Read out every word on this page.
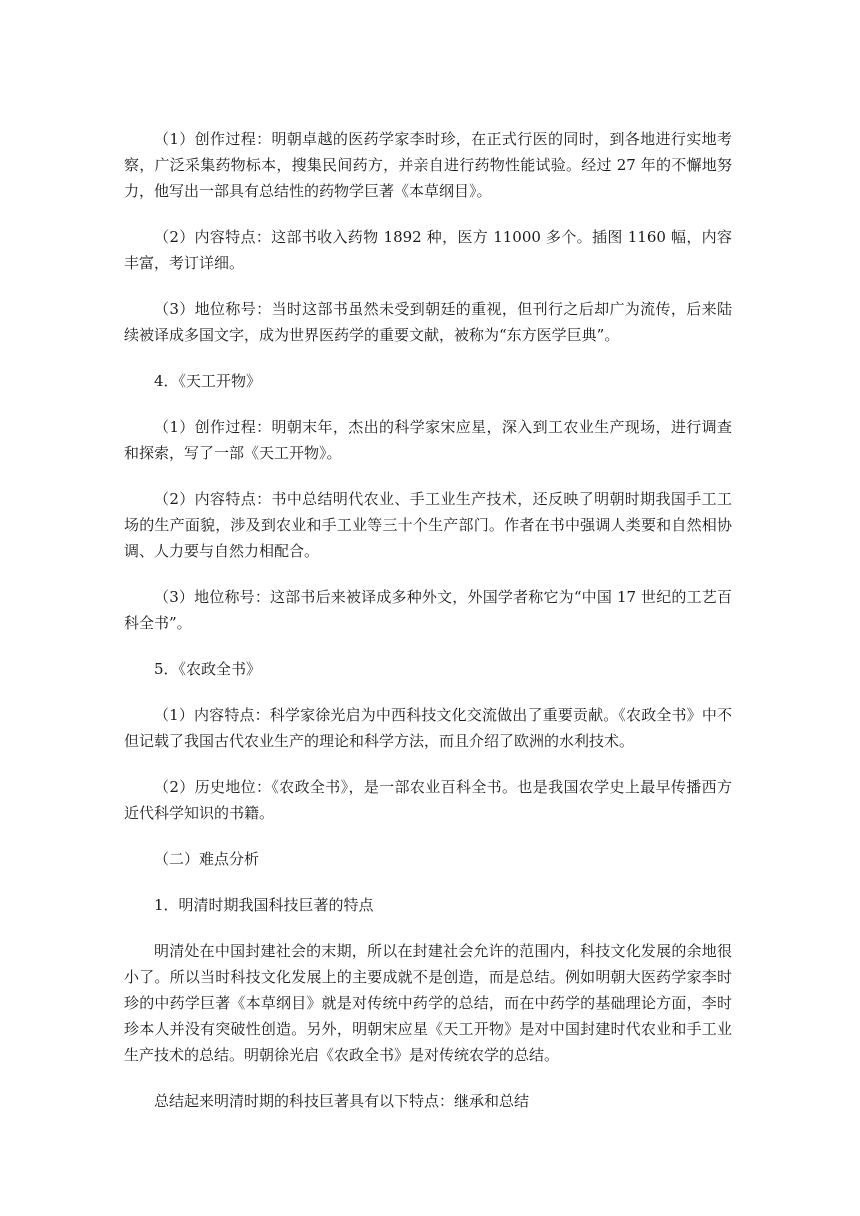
（1）创作过程：明朝卓越的医药学家李时珍，在正式行医的同时，到各地进行实地考察，广泛采集药物标本，搜集民间药方，并亲自进行药物性能试验。经过 27 年的不懈地努力，他写出一部具有总结性的药物学巨著《本草纲目》。

（2）内容特点：这部书收入药物 1892 种，医方 11000 多个。插图 1160 幅，内容丰富，考订详细。

（3）地位称号：当时这部书虽然未受到朝廷的重视，但刊行之后却广为流传，后来陆续被译成多国文字，成为世界医药学的重要文献，被称为“东方医学巨典”。

4．《天工开物》

（1）创作过程：明朝末年，杰出的科学家宋应星，深入到工农业生产现场，进行调查和探索，写了一部《天工开物》。

（2）内容特点：书中总结明代农业、手工业生产技术，还反映了明朝时期我国手工工场的生产面貌，涉及到农业和手工业等三十个生产部门。作者在书中强调人类要和自然相协调、人力要与自然力相配合。

（3）地位称号：这部书后来被译成多种外文，外国学者称它为“中国 17 世纪的工艺百科全书”。

5．《农政全书》

（1）内容特点：科学家徐光启为中西科技文化交流做出了重要贡献。《农政全书》中不但记载了我国古代农业生产的理论和科学方法，而且介绍了欧洲的水利技术。

（2）历史地位：《农政全书》，是一部农业百科全书。也是我国农学史上最早传播西方近代科学知识的书籍。

（二）难点分析

1．明清时期我国科技巨著的特点

明清处在中国封建社会的末期，所以在封建社会允许的范围内，科技文化发展的余地很小了。所以当时科技文化发展上的主要成就不是创造，而是总结。例如明朝大医药学家李时珍的中药学巨著《本草纲目》就是对传统中药学的总结，而在中药学的基础理论方面，李时珍本人并没有突破性创造。另外，明朝宋应星《天工开物》是对中国封建时代农业和手工业生产技术的总结。明朝徐光启《农政全书》是对传统农学的总结。

总结起来明清时期的科技巨著具有以下特点：继承和总结
